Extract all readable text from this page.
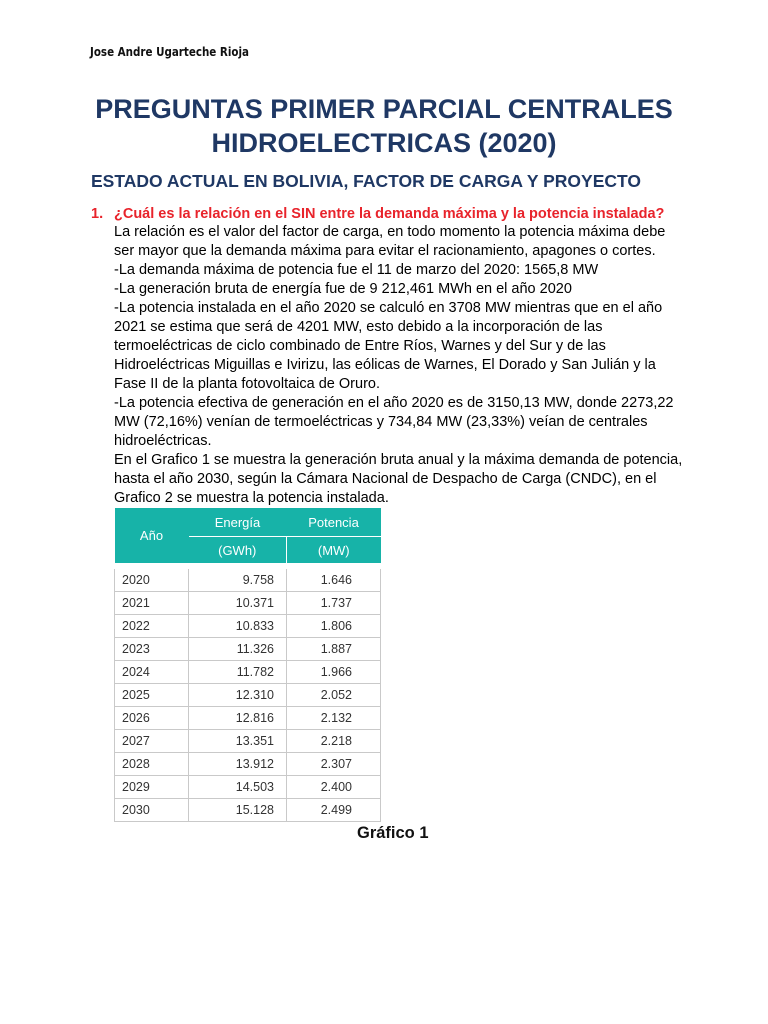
Jose Andre Ugarteche Rioja
PREGUNTAS PRIMER PARCIAL CENTRALES
HIDROELECTRICAS (2020)
ESTADO ACTUAL EN BOLIVIA, FACTOR DE CARGA Y PROYECTO
1. ¿Cuál es la relación en el SIN entre la demanda máxima y la potencia instalada?

La relación es el valor del factor de carga, en todo momento la potencia máxima debe ser mayor que la demanda máxima para evitar el racionamiento, apagones o cortes.

-La demanda máxima de potencia fue el 11 de marzo del 2020: 1565,8 MW

-La generación bruta de energía fue de 9 212,461 MWh en el año 2020

-La potencia instalada en el año 2020 se calculó en 3708 MW mientras que en el año 2021 se estima que será de 4201 MW, esto debido a la incorporación de las termoeléctricas de ciclo combinado de Entre Ríos, Warnes y del Sur y de las Hidroeléctricas Miguillas e Ivirizu, las eólicas de Warnes, El Dorado y San Julián y la Fase II de la planta fotovoltaica de Oruro.

-La potencia efectiva de generación en el año 2020 es de 3150,13 MW, donde 2273,22 MW (72,16%) venían de termoeléctricas y 734,84 MW (23,33%) veían de centrales hidroeléctricas.

En el Grafico 1 se muestra la generación bruta anual y la máxima demanda de potencia, hasta el año 2030, según la Cámara Nacional de Despacho de Carga (CNDC), en el Grafico 2 se muestra la potencia instalada.

Año	Energía	Potencia
	(GWh)	(MW)
2020	9.758	1.646
2021	10.371	1.737
2022	10.833	1.806
2023	11.326	1.887
2024	11.782	1.966
2025	12.310	2.052
2026	12.816	2.132
2027	13.351	2.218
2028	13.912	2.307
2029	14.503	2.400
2030	15.128	2.499
Gráfico 1
